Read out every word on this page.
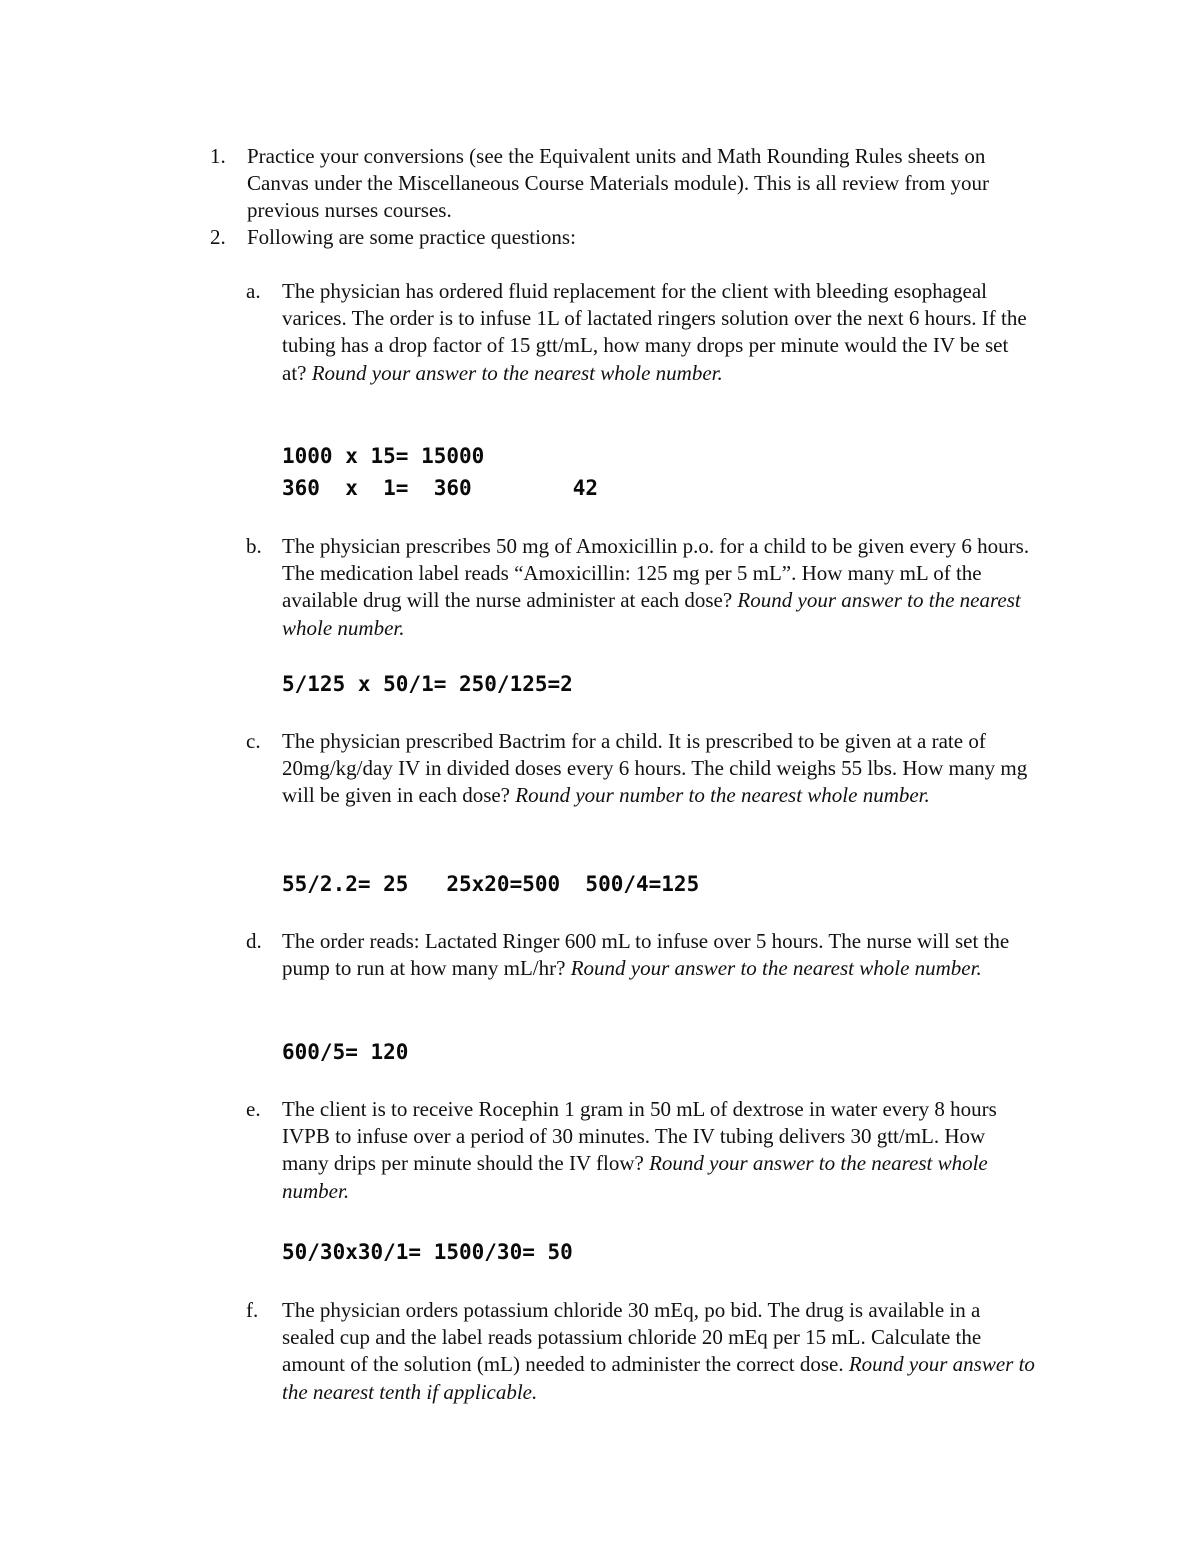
1. Practice your conversions (see the Equivalent units and Math Rounding Rules sheets on Canvas under the Miscellaneous Course Materials module). This is all review from your previous nurses courses.
2. Following are some practice questions:
a. The physician has ordered fluid replacement for the client with bleeding esophageal varices. The order is to infuse 1L of lactated ringers solution over the next 6 hours. If the tubing has a drop factor of 15 gtt/mL, how many drops per minute would the IV be set at? Round your answer to the nearest whole number.
1000 x 15= 15000
360  x  1=  360        42
b. The physician prescribes 50 mg of Amoxicillin p.o. for a child to be given every 6 hours. The medication label reads “Amoxicillin: 125 mg per 5 mL”. How many mL of the available drug will the nurse administer at each dose? Round your answer to the nearest whole number.
5/125 x 50/1= 250/125=2
c. The physician prescribed Bactrim for a child. It is prescribed to be given at a rate of 20mg/kg/day IV in divided doses every 6 hours. The child weighs 55 lbs. How many mg will be given in each dose? Round your number to the nearest whole number.
55/2.2= 25   25x20=500  500/4=125
d. The order reads: Lactated Ringer 600 mL to infuse over 5 hours. The nurse will set the pump to run at how many mL/hr? Round your answer to the nearest whole number.
600/5= 120
e. The client is to receive Rocephin 1 gram in 50 mL of dextrose in water every 8 hours IVPB to infuse over a period of 30 minutes. The IV tubing delivers 30 gtt/mL. How many drips per minute should the IV flow? Round your answer to the nearest whole number.
50/30x30/1= 1500/30= 50
f. The physician orders potassium chloride 30 mEq, po bid. The drug is available in a sealed cup and the label reads potassium chloride 20 mEq per 15 mL. Calculate the amount of the solution (mL) needed to administer the correct dose. Round your answer to the nearest tenth if applicable.
